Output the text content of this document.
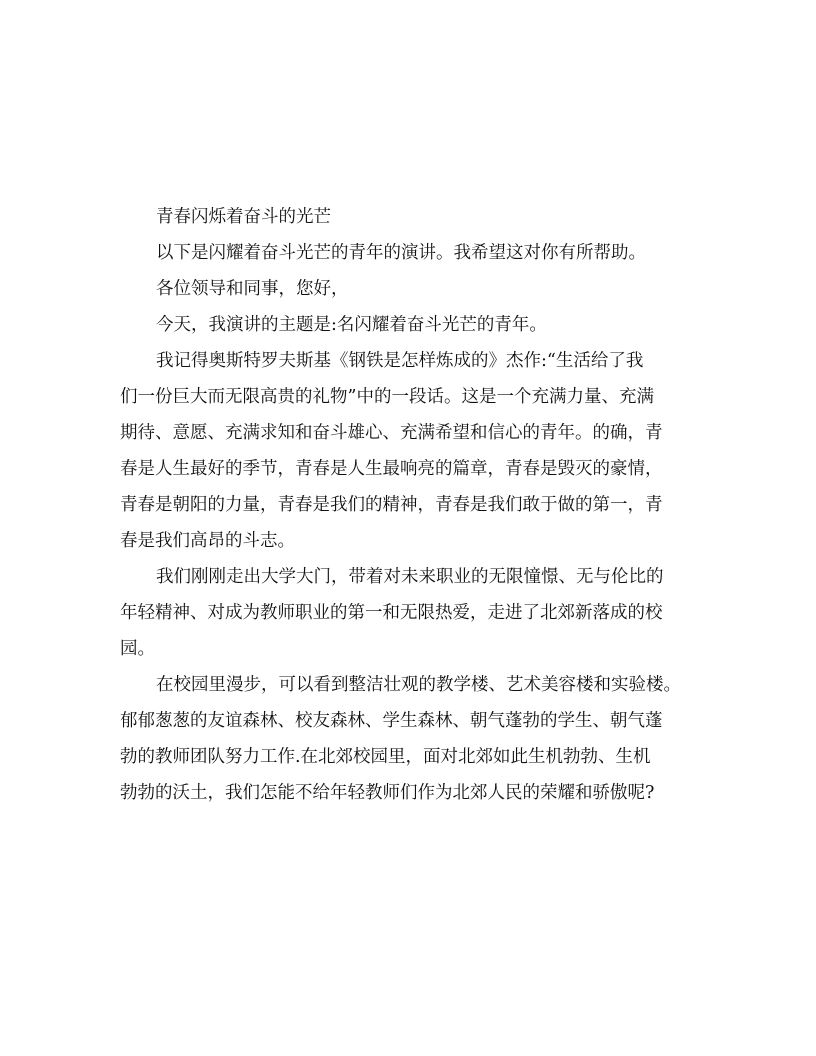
青春闪烁着奋斗的光芒
以下是闪耀着奋斗光芒的青年的演讲。我希望这对你有所帮助。
各位领导和同事，您好，
今天，我演讲的主题是:名闪耀着奋斗光芒的青年。
我记得奥斯特罗夫斯基《钢铁是怎样炼成的》杰作:“生活给了我
们一份巨大而无限高贵的礼物”中的一段话。这是一个充满力量、充满
期待、意愿、充满求知和奋斗雄心、充满希望和信心的青年。的确，青
春是人生最好的季节，青春是人生最响亮的篇章，青春是毁灭的豪情，
青春是朝阳的力量，青春是我们的精神，青春是我们敢于做的第一，青
春是我们高昂的斗志。
我们刚刚走出大学大门，带着对未来职业的无限憧憬、无与伦比的
年轻精神、对成为教师职业的第一和无限热爱，走进了北郊新落成的校
园。
在校园里漫步，可以看到整洁壮观的教学楼、艺术美容楼和实验楼。
郁郁葱葱的友谊森林、校友森林、学生森林、朝气蓬勃的学生、朝气蓬
勃的教师团队努力工作.在北郊校园里，面对北郊如此生机勃勃、生机
勃勃的沃土，我们怎能不给年轻教师们作为北郊人民的荣耀和骄傲呢?
